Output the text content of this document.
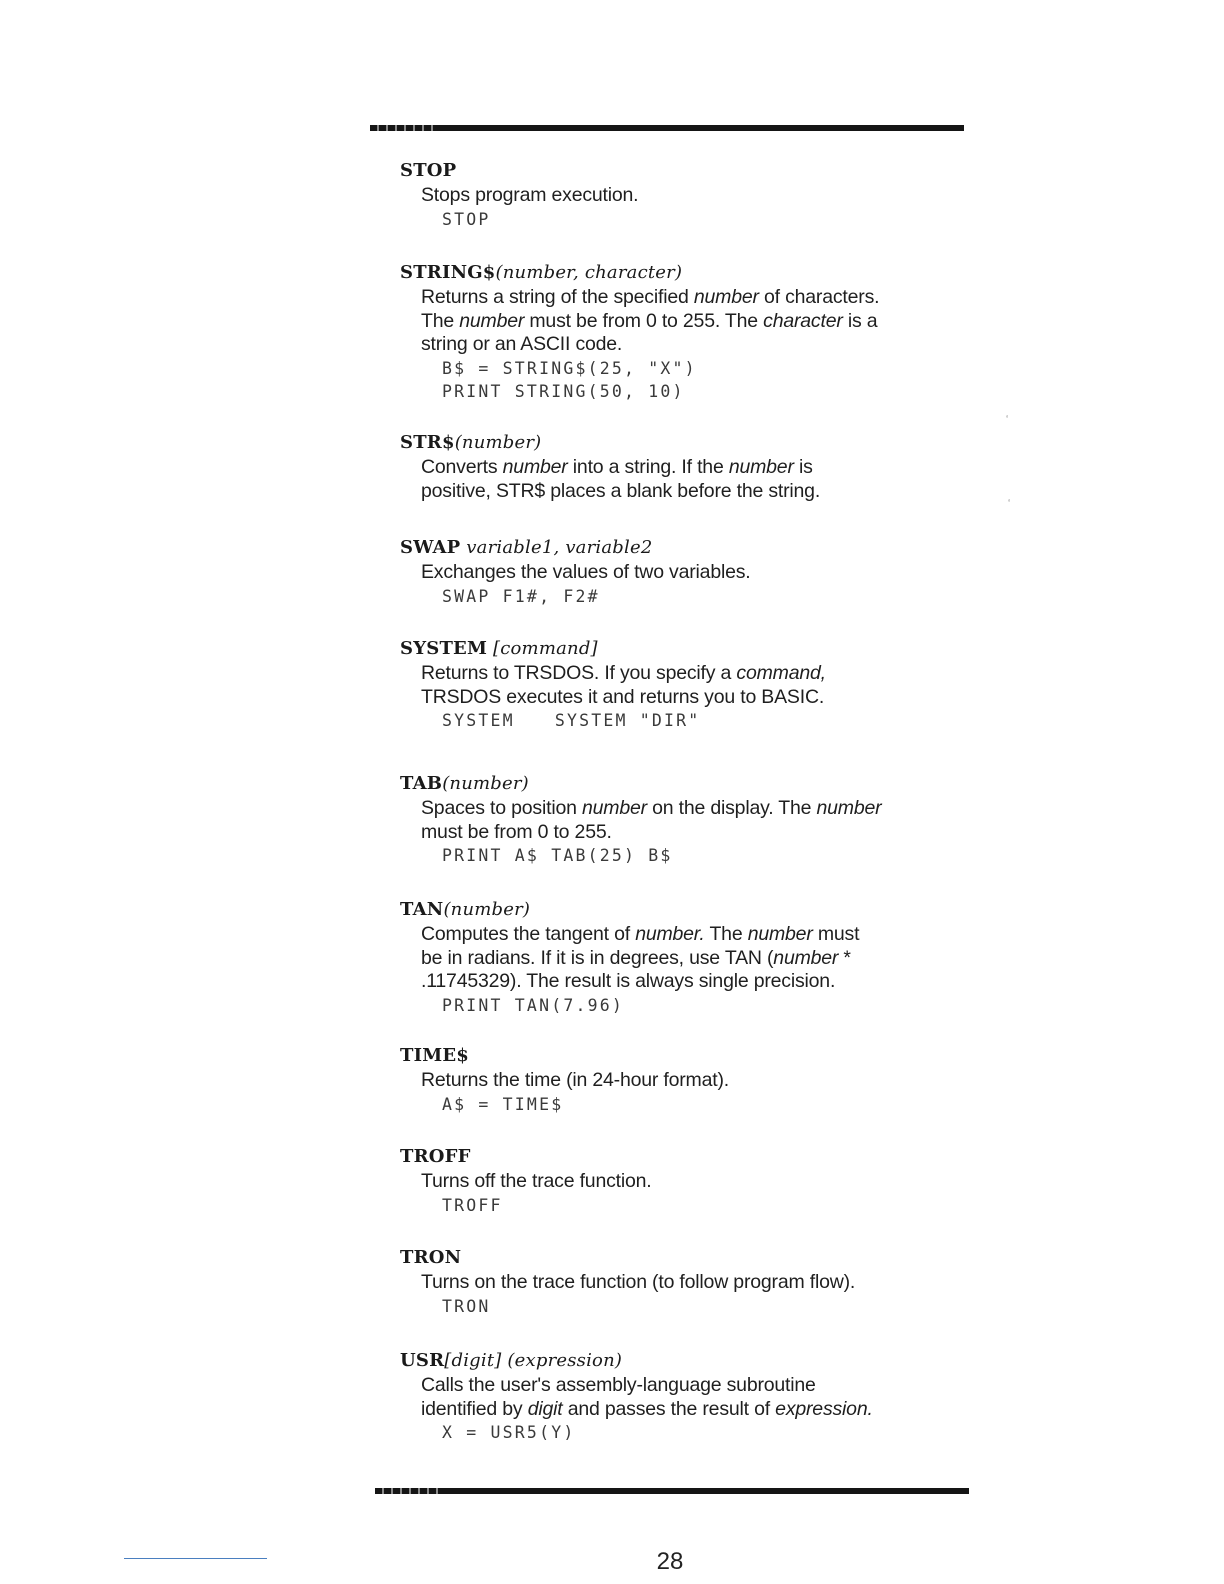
STOP
Stops program execution.
STOP
STRING$(number, character)
Returns a string of the specified number of characters.
The number must be from 0 to 255. The character is a
string or an ASCII code.
B$ = STRING$(25, "X")
PRINT STRING(50, 10)
STR$(number)
Converts number into a string. If the number is
positive, STR$ places a blank before the string.
SWAP variable1, variable2
Exchanges the values of two variables.
SWAP F1#, F2#
SYSTEM [command]
Returns to TRSDOS. If you specify a command,
TRSDOS executes it and returns you to BASIC.
SYSTEM SYSTEM "DIR"
TAB(number)
Spaces to position number on the display. The number
must be from 0 to 255.
PRINT A$ TAB(25) B$
TAN(number)
Computes the tangent of number. The number must
be in radians. If it is in degrees, use TAN (number *
.11745329). The result is always single precision.
PRINT TAN(7.96)
TIME$
Returns the time (in 24-hour format).
A$ = TIME$
TROFF
Turns off the trace function.
TROFF
TRON
Turns on the trace function (to follow program flow).
TRON
USR[digit] (expression)
Calls the user's assembly-language subroutine
identified by digit and passes the result of expression.
X = USR5(Y)
‘
‘
28
